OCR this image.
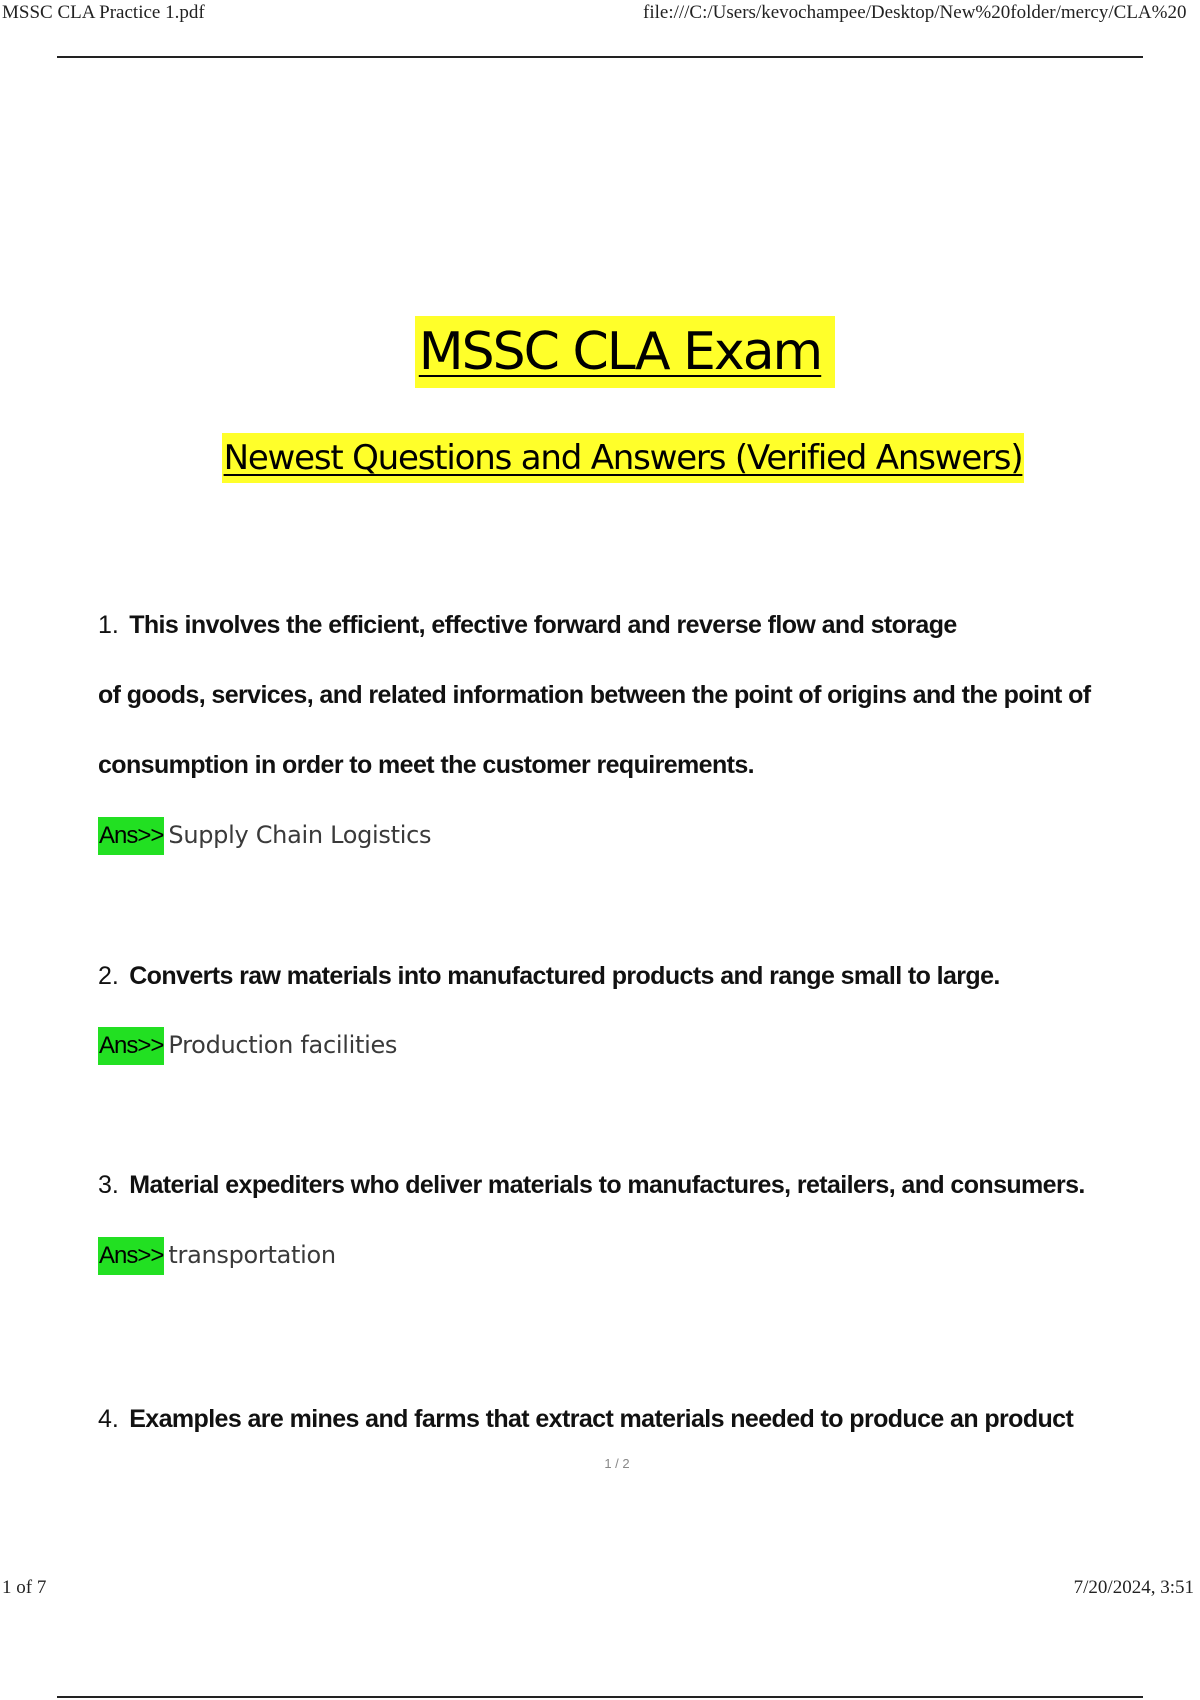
MSSC CLA Practice 1.pdf	file:///C:/Users/kevochampee/Desktop/New%20folder/mercy/CLA%20
MSSC CLA Exam
Newest Questions and Answers (Verified Answers)
1. This involves the efficient, effective forward and reverse flow and storage
of goods, services, and related information between the point of origins and the point of
consumption in order to meet the customer requirements.
Ans>> Supply Chain Logistics
2. Converts raw materials into manufactured products and range small to large.
Ans>> Production facilities
3. Material expediters who deliver materials to manufactures, retailers, and consumers.
Ans>> transportation
4. Examples are mines and farms that extract materials needed to produce an product
1 / 2
1 of 7	7/20/2024, 3:51
